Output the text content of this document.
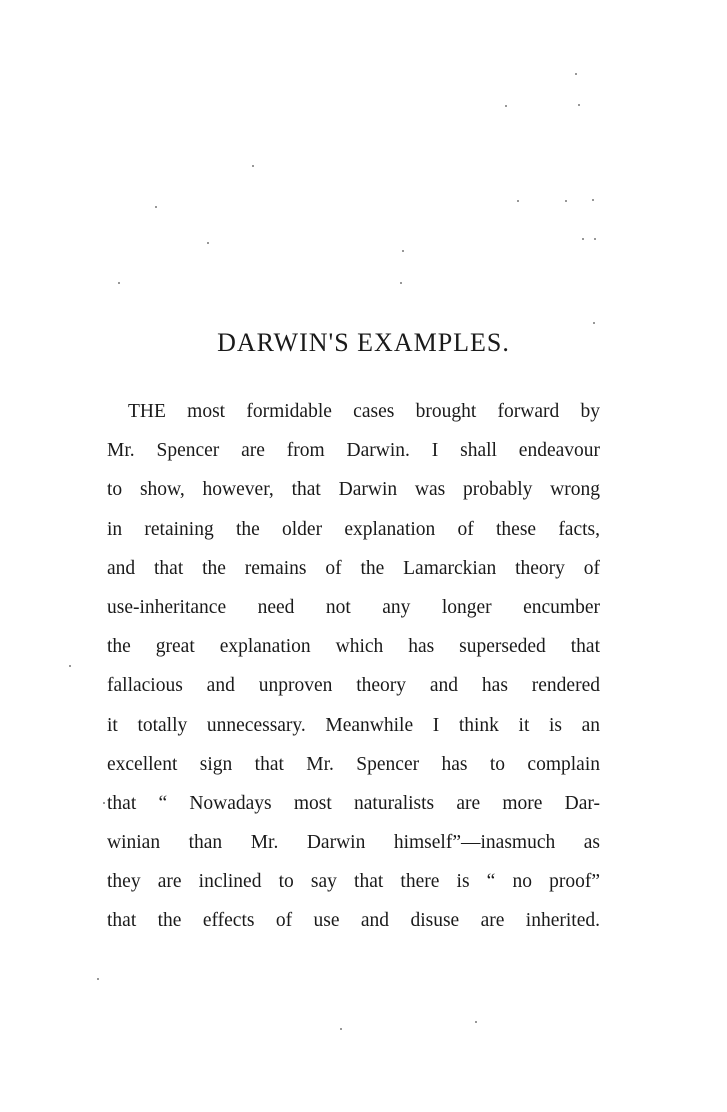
DARWIN'S EXAMPLES.
THE most formidable cases brought forward by
Mr. Spencer are from Darwin. I shall endeavour
to show, however, that Darwin was probably wrong
in retaining the older explanation of these facts,
and that the remains of the Lamarckian theory of
use-inheritance need not any longer encumber
the great explanation which has superseded that
fallacious and unproven theory and has rendered
it totally unnecessary. Meanwhile I think it is an
excellent sign that Mr. Spencer has to complain
that “ Nowadays most naturalists are more Dar-
winian than Mr. Darwin himself”—inasmuch as
they are inclined to say that there is “ no proof”
that the effects of use and disuse are inherited.
